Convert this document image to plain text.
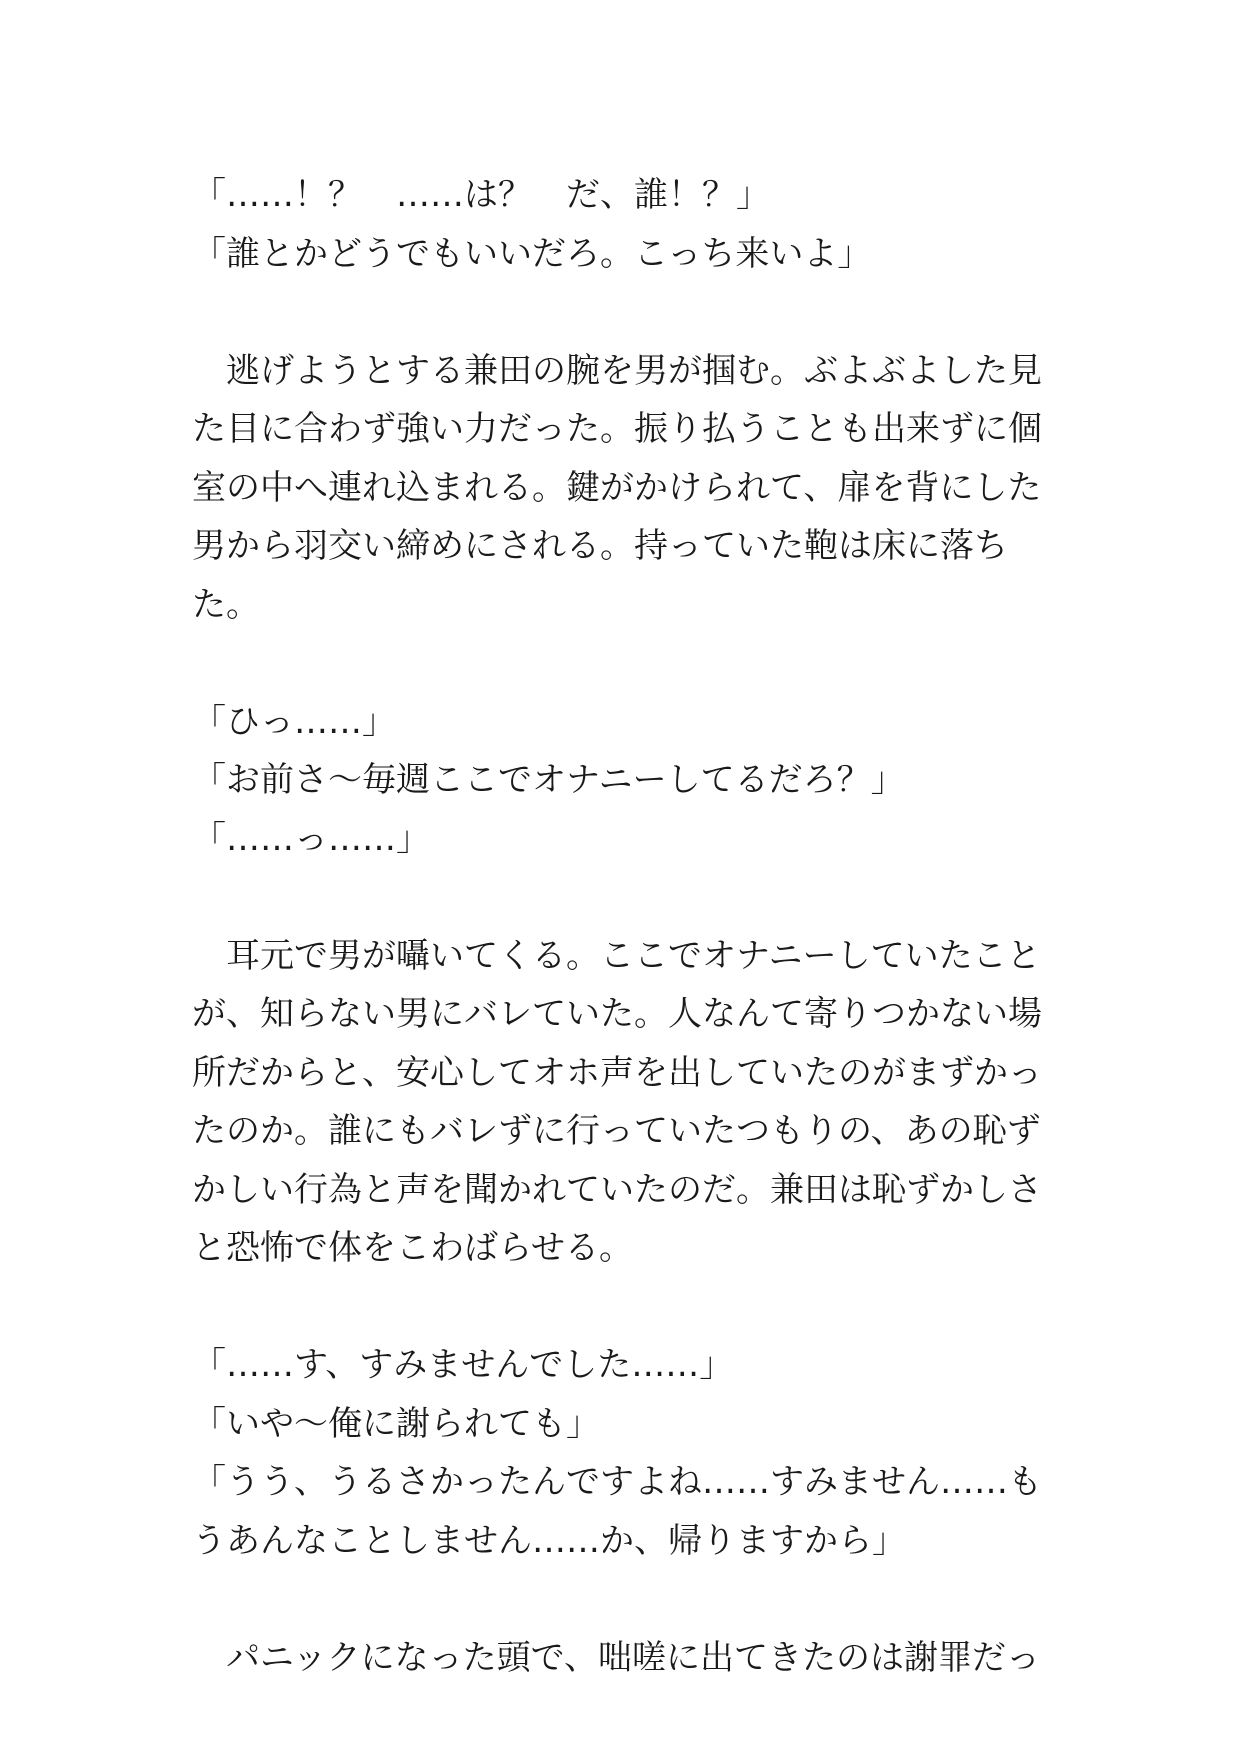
「……！？　……は？　だ、誰！？」
「誰とかどうでもいいだろ。こっち来いよ」
　逃げようとする兼田の腕を男が掴む。ぶよぶよした見
た目に合わず強い力だった。振り払うことも出来ずに個
室の中へ連れ込まれる。鍵がかけられて、扉を背にした
男から羽交い締めにされる。持っていた鞄は床に落ち
た。
「ひっ……」
「お前さ～毎週ここでオナニーしてるだろ？」
「……っ……」
　耳元で男が囁いてくる。ここでオナニーしていたこと
が、知らない男にバレていた。人なんて寄りつかない場
所だからと、安心してオホ声を出していたのがまずかっ
たのか。誰にもバレずに行っていたつもりの、あの恥ず
かしい行為と声を聞かれていたのだ。兼田は恥ずかしさ
と恐怖で体をこわばらせる。
「……す、すみませんでした……」
「いや～俺に謝られても」
「うう、うるさかったんですよね……すみません……も
うあんなことしません……か、帰りますから」
　パニックになった頭で、咄嗟に出てきたのは謝罪だっ
